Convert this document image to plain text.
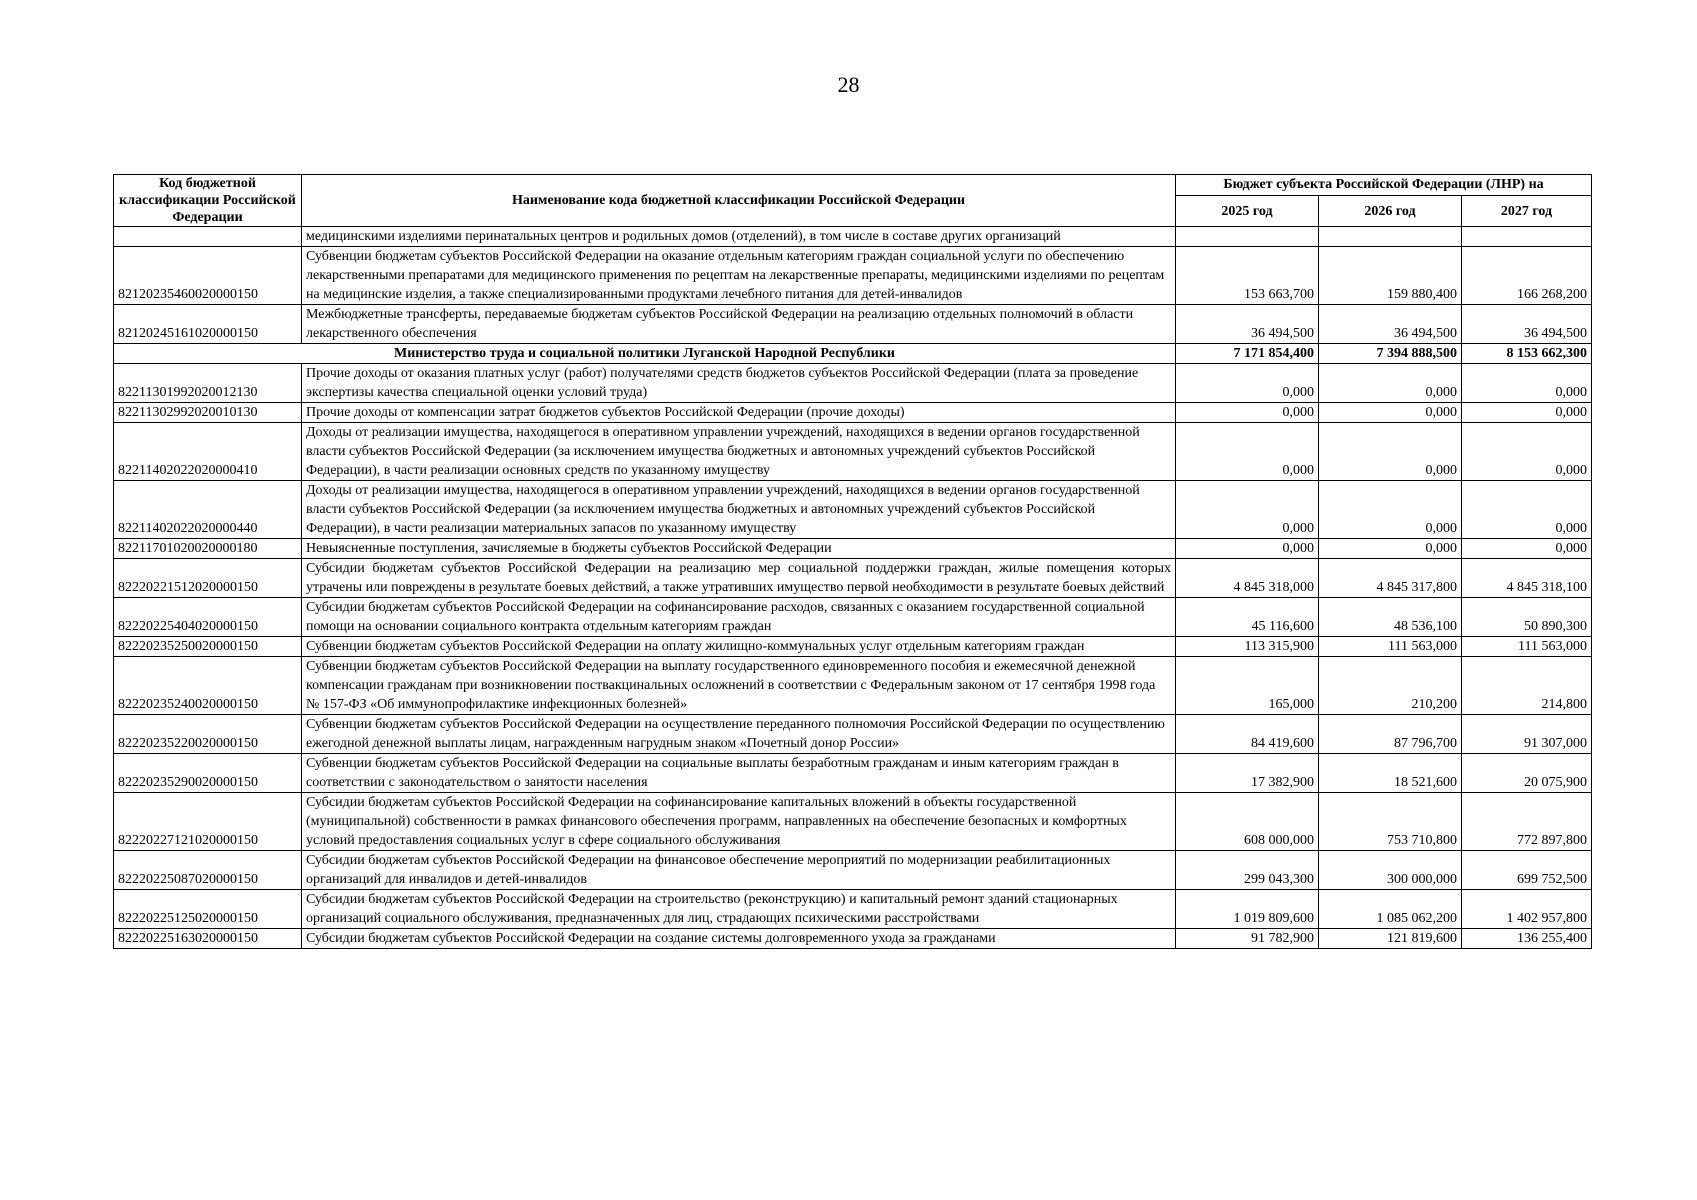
28
Код бюджетной классификации Российской Федерации	Наименование кода бюджетной классификации Российской Федерации	Бюджет субъекта Российской Федерации (ЛНР) на		
		2025 год	2026 год	2027 год
	медицинскими изделиями перинатальных центров и родильных домов (отделений), в том числе в составе других организаций			
82120235460020000150	Субвенции бюджетам субъектов Российской Федерации на оказание отдельным категориям граждан социальной услуги по обеспечению лекарственными препаратами для медицинского применения по рецептам на лекарственные препараты, медицинскими изделиями по рецептам на медицинские изделия, а также специализированными продуктами лечебного питания для детей-инвалидов	153 663,700	159 880,400	166 268,200
82120245161020000150	Межбюджетные трансферты, передаваемые бюджетам субъектов Российской Федерации на реализацию отдельных полномочий в области лекарственного обеспечения	36 494,500	36 494,500	36 494,500
Министерство труда и социальной политики Луганской Народной Республики		7 171 854,400	7 394 888,500	8 153 662,300
82211301992020012130	Прочие доходы от оказания платных услуг (работ) получателями средств бюджетов субъектов Российской Федерации (плата за проведение экспертизы качества специальной оценки условий труда)	0,000	0,000	0,000
82211302992020010130	Прочие доходы от компенсации затрат бюджетов субъектов Российской Федерации (прочие доходы)	0,000	0,000	0,000
82211402022020000410	Доходы от реализации имущества, находящегося в оперативном управлении учреждений, находящихся в ведении органов государственной власти субъектов Российской Федерации (за исключением имущества бюджетных и автономных учреждений субъектов Российской Федерации), в части реализации основных средств по указанному имуществу	0,000	0,000	0,000
82211402022020000440	Доходы от реализации имущества, находящегося в оперативном управлении учреждений, находящихся в ведении органов государственной власти субъектов Российской Федерации (за исключением имущества бюджетных и автономных учреждений субъектов Российской Федерации), в части реализации материальных запасов по указанному имуществу	0,000	0,000	0,000
82211701020020000180	Невыясненные поступления, зачисляемые в бюджеты субъектов Российской Федерации	0,000	0,000	0,000
82220221512020000150	Субсидии бюджетам субъектов Российской Федерации на реализацию мер социальной поддержки граждан, жилые помещения которых утрачены или повреждены в результате боевых действий, а также утративших имущество первой необходимости в результате боевых действий	4 845 318,000	4 845 317,800	4 845 318,100
82220225404020000150	Субсидии бюджетам субъектов Российской Федерации на софинансирование расходов, связанных с оказанием государственной социальной помощи на основании социального контракта отдельным категориям граждан	45 116,600	48 536,100	50 890,300
82220235250020000150	Субвенции бюджетам субъектов Российской Федерации на оплату жилищно-коммунальных услуг отдельным категориям граждан	113 315,900	111 563,000	111 563,000
82220235240020000150	Субвенции бюджетам субъектов Российской Федерации на выплату государственного единовременного пособия и ежемесячной денежной компенсации гражданам при возникновении поствакцинальных осложнений в соответствии с Федеральным законом от 17 сентября 1998 года № 157-ФЗ «Об иммунопрофилактике инфекционных болезней»	165,000	210,200	214,800
82220235220020000150	Субвенции бюджетам субъектов Российской Федерации на осуществление переданного полномочия Российской Федерации по осуществлению ежегодной денежной выплаты лицам, награжденным нагрудным знаком «Почетный донор России»	84 419,600	87 796,700	91 307,000
82220235290020000150	Субвенции бюджетам субъектов Российской Федерации на социальные выплаты безработным гражданам и иным категориям граждан в соответствии с законодательством о занятости населения	17 382,900	18 521,600	20 075,900
82220227121020000150	Субсидии бюджетам субъектов Российской Федерации на софинансирование капитальных вложений в объекты государственной (муниципальной) собственности в рамках финансового обеспечения программ, направленных на обеспечение безопасных и комфортных условий предоставления социальных услуг в сфере социального обслуживания	608 000,000	753 710,800	772 897,800
82220225087020000150	Субсидии бюджетам субъектов Российской Федерации на финансовое обеспечение мероприятий по модернизации реабилитационных организаций для инвалидов и детей-инвалидов	299 043,300	300 000,000	699 752,500
82220225125020000150	Субсидии бюджетам субъектов Российской Федерации на строительство (реконструкцию) и капитальный ремонт зданий стационарных организаций социального обслуживания, предназначенных для лиц, страдающих психическими расстройствами	1 019 809,600	1 085 062,200	1 402 957,800
82220225163020000150	Субсидии бюджетам субъектов Российской Федерации на создание системы долговременного ухода за гражданами	91 782,900	121 819,600	136 255,400
